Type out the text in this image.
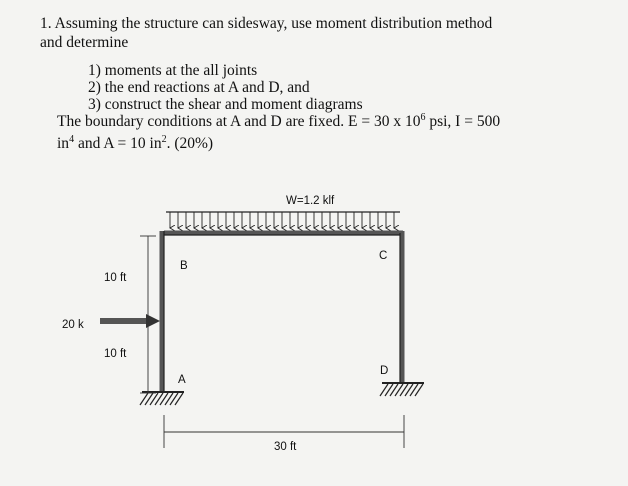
1. Assuming the structure can sidesway, use moment distribution method
and determine
1) moments at the all joints
2) the end reactions at A and D, and
3) construct the shear and moment diagrams
The boundary conditions at A and D are fixed. E = 30 x $10^6$ psi, I = 500
$in^4$ and A = 10 $in^2$. (20%)
W=1.2 klf
B
C
A
D
10 ft
10 ft
20 k
30 ft
